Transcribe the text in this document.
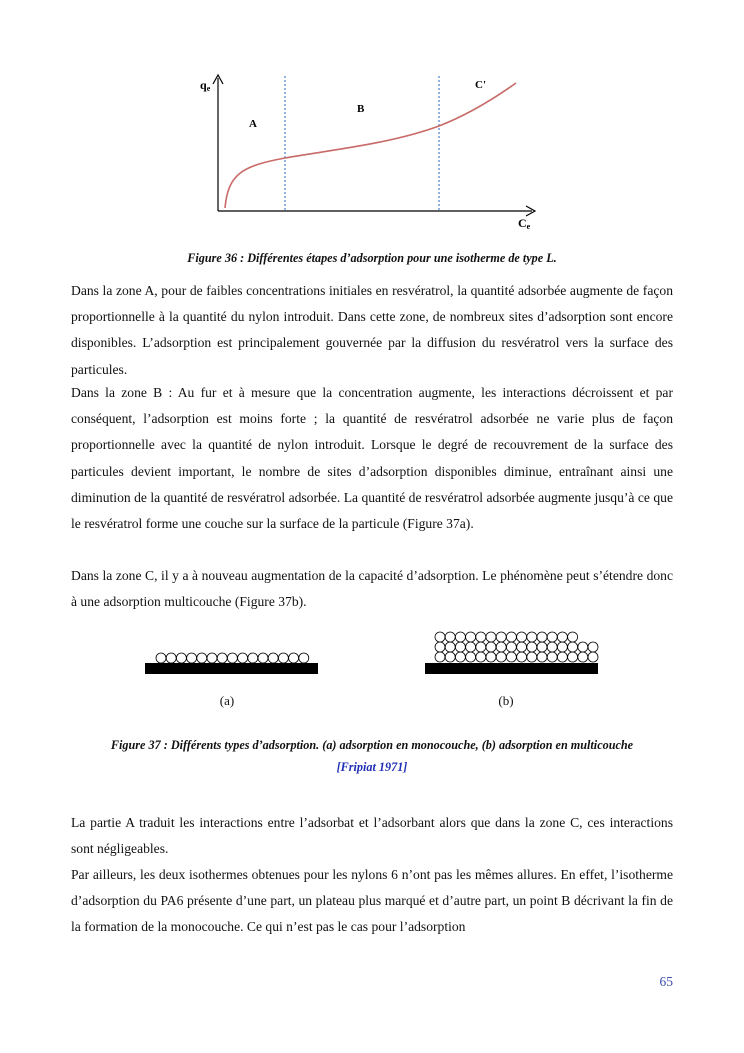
qe
Ce
A
B
C'
Figure 36 : Différentes étapes d’adsorption pour une isotherme de type L.

Dans la zone A, pour de faibles concentrations initiales en resvératrol, la quantité adsorbée augmente de façon proportionnelle à la quantité du nylon introduit. Dans cette zone, de nombreux sites d’adsorption sont encore disponibles. L’adsorption est principalement gouvernée par la diffusion du resvératrol vers la surface des particules.

Dans la zone B : Au fur et à mesure que la concentration augmente, les interactions décroissent et par conséquent, l’adsorption est moins forte ; la quantité de resvératrol adsorbée ne varie plus de façon proportionnelle avec la quantité de nylon introduit. Lorsque le degré de recouvrement de la surface des particules devient important, le nombre de sites d’adsorption disponibles diminue, entraînant ainsi une diminution de la quantité de resvératrol adsorbée. La quantité de resvératrol adsorbée augmente jusqu’à ce que le resvératrol forme une couche sur la surface de la particule (Figure 37a).

Dans la zone C, il y a à nouveau augmentation de la capacité d’adsorption. Le phénomène peut s’étendre donc à une adsorption multicouche (Figure 37b).

(a)	(b)
Figure 37 : Différents types d’adsorption. (a) adsorption en monocouche, (b) adsorption en multicouche
[Fripiat 1971]

La partie A traduit les interactions entre l’adsorbat et l’adsorbant alors que dans la zone C, ces interactions sont négligeables.

Par ailleurs, les deux isothermes obtenues pour les nylons 6 n’ont pas les mêmes allures. En effet, l’isotherme d’adsorption du PA6 présente d’une part, un plateau plus marqué et d’autre part, un point B décrivant la fin de la formation de la monocouche. Ce qui n’est pas le cas pour l’adsorption

65
